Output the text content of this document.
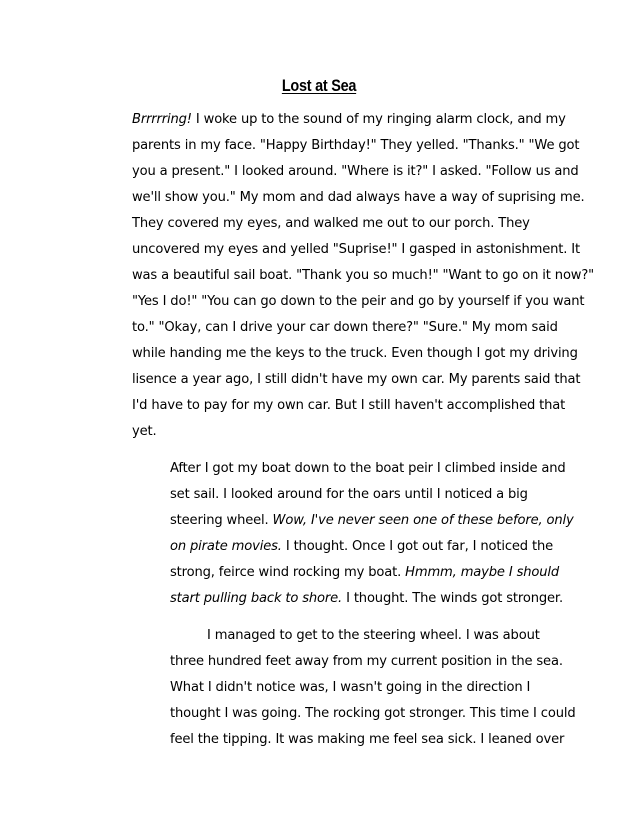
Lost at Sea
Brrrrring! I woke up to the sound of my ringing alarm clock, and my
parents in my face. "Happy Birthday!" They yelled. "Thanks." "We got
you a present." I looked around. "Where is it?" I asked. "Follow us and
we'll show you." My mom and dad always have a way of suprising me.
They covered my eyes, and walked me out to our porch. They
uncovered my eyes and yelled "Suprise!" I gasped in astonishment. It
was a beautiful sail boat. "Thank you so much!" "Want to go on it now?"
"Yes I do!" "You can go down to the peir and go by yourself if you want
to." "Okay, can I drive your car down there?" "Sure." My mom said
while handing me the keys to the truck. Even though I got my driving
lisence a year ago, I still didn't have my own car. My parents said that
I'd have to pay for my own car. But I still haven't accomplished that
yet.
After I got my boat down to the boat peir I climbed inside and
set sail. I looked around for the oars until I noticed a big
steering wheel. Wow, I've never seen one of these before, only
on pirate movies. I thought. Once I got out far, I noticed the
strong, feirce wind rocking my boat. Hmmm, maybe I should
start pulling back to shore. I thought. The winds got stronger.
I managed to get to the steering wheel. I was about
three hundred feet away from my current position in the sea.
What I didn't notice was, I wasn't going in the direction I
thought I was going. The rocking got stronger. This time I could
feel the tipping. It was making me feel sea sick. I leaned over
